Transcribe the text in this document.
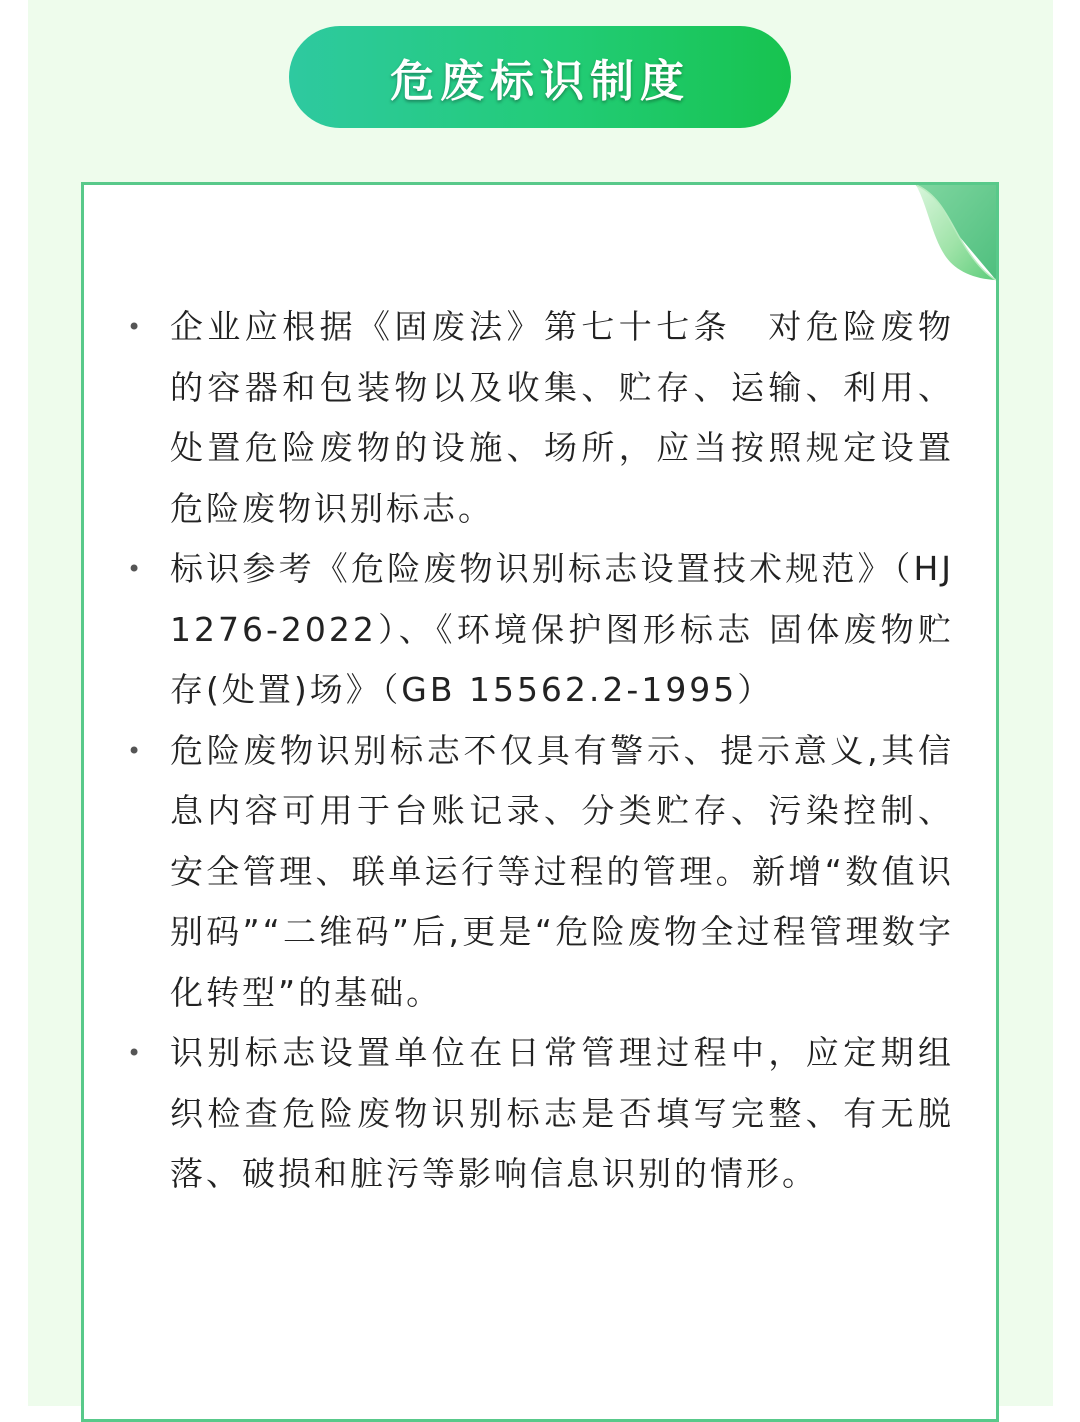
危废标识制度
• 企业应根据《固废法》第七十七条　对危险废物的容器和包装物以及收集、贮存、运输、利用、处置危险废物的设施、场所，应当按照规定设置危险废物识别标志。
• 标识参考《危险废物识别标志设置技术规范》（HJ 1276-2022）、《环境保护图形标志 固体废物贮存(处置)场》（GB 15562.2-1995）
• 危险废物识别标志不仅具有警示、提示意义,其信息内容可用于台账记录、分类贮存、污染控制、安全管理、联单运行等过程的管理。新增“数值识别码”“二维码”后,更是“危险废物全过程管理数字化转型”的基础。
• 识别标志设置单位在日常管理过程中，应定期组织检查危险废物识别标志是否填写完整、有无脱落、破损和脏污等影响信息识别的情形。
